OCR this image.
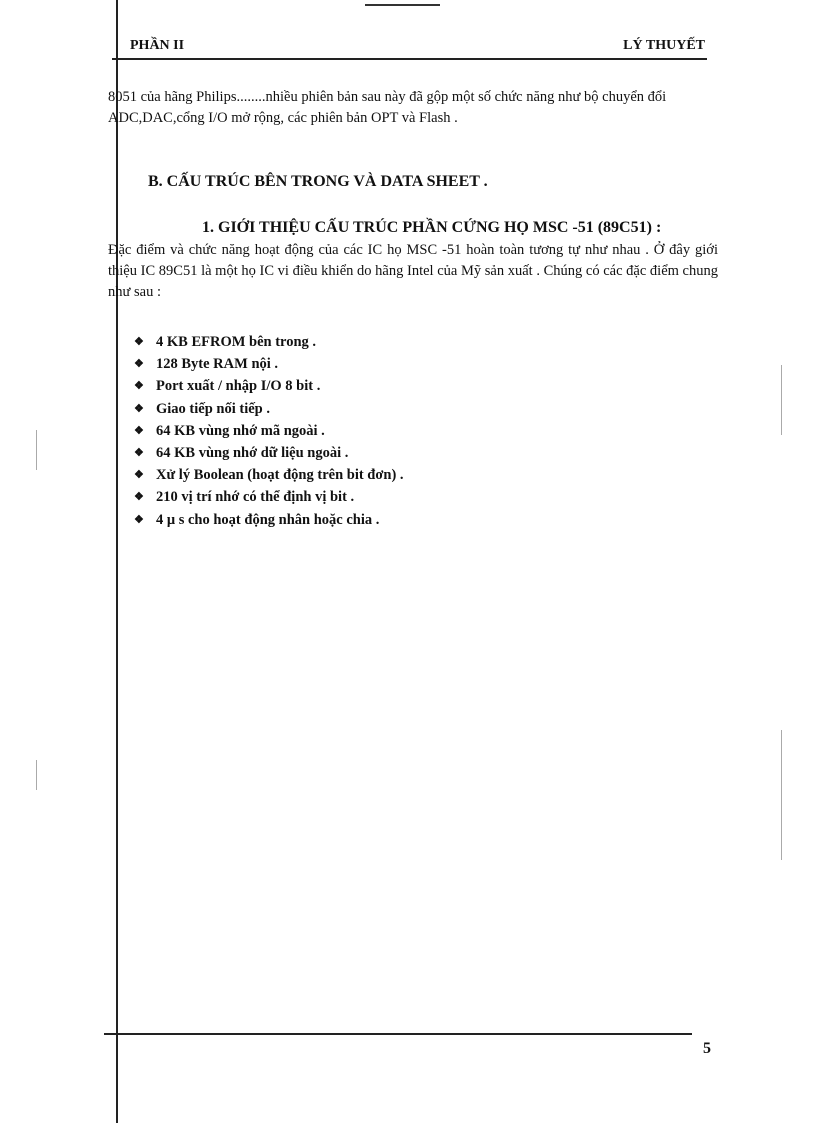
PHẦN II	LÝ THUYẾT

8051 của hãng Philips........nhiều phiên bản sau này đã gộp một số chức năng như bộ chuyển đổi ADC,DAC,cổng I/O mở rộng, các phiên bản OPT và Flash .

B. CẤU TRÚC BÊN TRONG VÀ DATA SHEET .
1. GIỚI THIỆU CẤU TRÚC PHẦN CỨNG HỌ MSC -51 (89C51) :

Đặc điểm và chức năng hoạt động của các IC họ MSC -51 hoàn toàn tương tự như nhau . Ở đây giới thiệu IC 89C51 là một họ IC vi điều khiển do hãng Intel của Mỹ sản xuất . Chúng có các đặc điểm chung như sau :

❖ 4 KB EFROM bên trong .
❖ 128 Byte RAM nội .
❖ Port xuất / nhập I/O 8 bit .
❖ Giao tiếp nối tiếp .
❖ 64 KB vùng nhớ mã ngoài .
❖ 64 KB vùng nhớ dữ liệu ngoài .
❖ Xử lý Boolean (hoạt động trên bit đơn) .
❖ 210 vị trí nhớ có thể định vị bit .
❖ 4 μ s cho hoạt động nhân hoặc chia .
5
